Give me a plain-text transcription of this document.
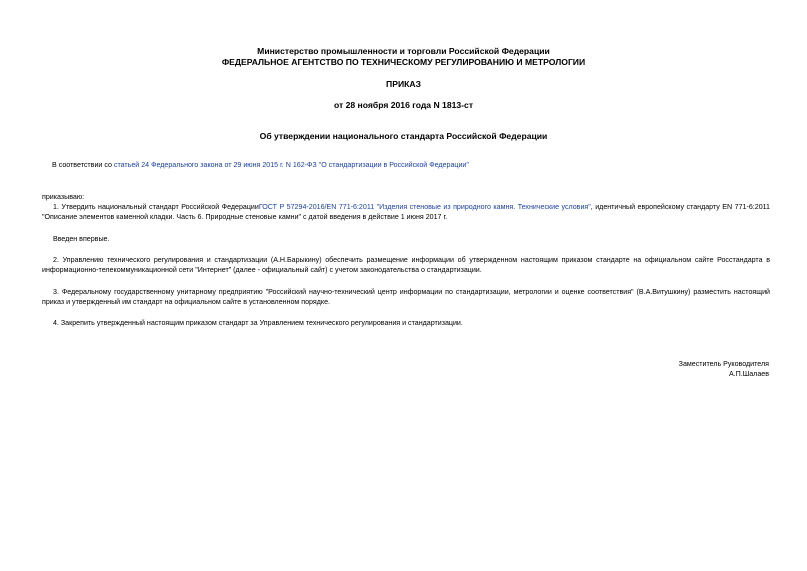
Министерство промышленности и торговли Российской Федерации
ФЕДЕРАЛЬНОЕ АГЕНТСТВО ПО ТЕХНИЧЕСКОМУ РЕГУЛИРОВАНИЮ И МЕТРОЛОГИИ
ПРИКАЗ
от 28 ноября 2016 года N 1813-ст
Об утверждении национального стандарта Российской Федерации
В соответствии со статьей 24 Федерального закона от 29 июня 2015 г. N 162-ФЗ "О стандартизации в Российской Федерации"
приказываю:
1. Утвердить национальный стандарт Российской ФедерацииГОСТ Р 57294-2016/EN 771-6:2011 "Изделия стеновые из природного камня. Технические условия", идентичный европейскому стандарту EN 771-6:2011 "Описание элементов каменной кладки. Часть 6. Природные стеновые камни" с датой введения в действие 1 июня 2017 г.
Введен впервые.
2. Управлению технического регулирования и стандартизации (А.Н.Барыкину) обеспечить размещение информации об утвержденном настоящим приказом стандарте на официальном сайте Росстандарта в информационно-телекоммуникационной сети "Интернет" (далее - официальный сайт) с учетом законодательства о стандартизации.
3. Федеральному государственному унитарному предприятию "Российский научно-технический центр информации по стандартизации, метрологии и оценке соответствия" (В.А.Витушкину) разместить настоящий приказ и утвержденный им стандарт на официальном сайте в установленном порядке.
4. Закрепить утвержденный настоящим приказом стандарт за Управлением технического регулирования и стандартизации.
Заместитель Руководителя
А.П.Шалаев
